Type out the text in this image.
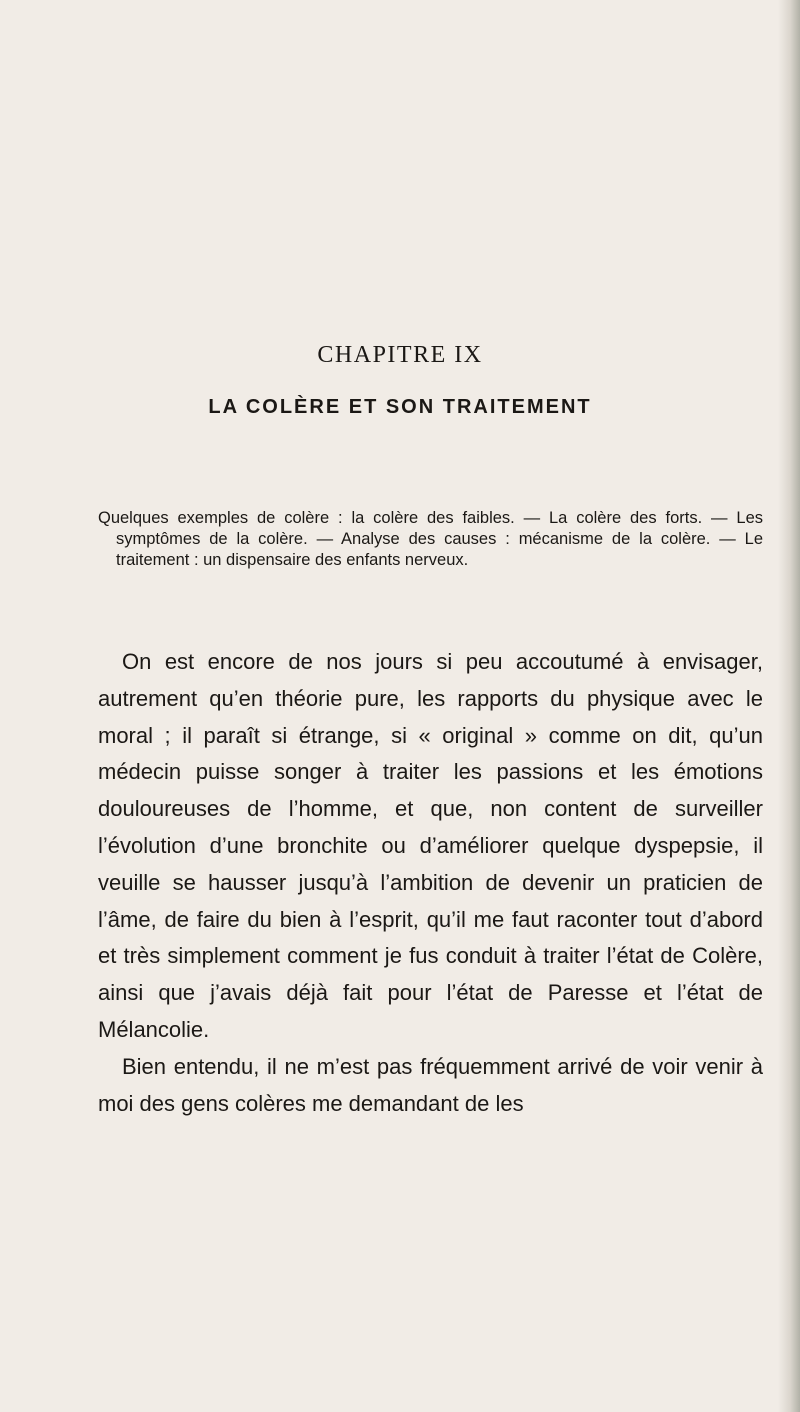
CHAPITRE IX
LA COLÈRE ET SON TRAITEMENT

Quelques exemples de colère : la colère des faibles. — La colère des forts. — Les symptômes de la colère. — Analyse des causes : mécanisme de la colère. — Le traitement : un dispensaire des enfants nerveux.

On est encore de nos jours si peu accoutumé à envisager, autrement qu’en théorie pure, les rapports du physique avec le moral ; il paraît si étrange, si « original » comme on dit, qu’un médecin puisse songer à traiter les passions et les émotions douloureuses de l’homme, et que, non content de surveiller l’évolution d’une bronchite ou d’améliorer quelque dyspepsie, il veuille se hausser jusqu’à l’ambition de devenir un praticien de l’âme, de faire du bien à l’esprit, qu’il me faut raconter tout d’abord et très simplement comment je fus conduit à traiter l’état de Colère, ainsi que j’avais déjà fait pour l’état de Paresse et l’état de Mélancolie.

Bien entendu, il ne m’est pas fréquemment arrivé de voir venir à moi des gens colères me demandant de les
